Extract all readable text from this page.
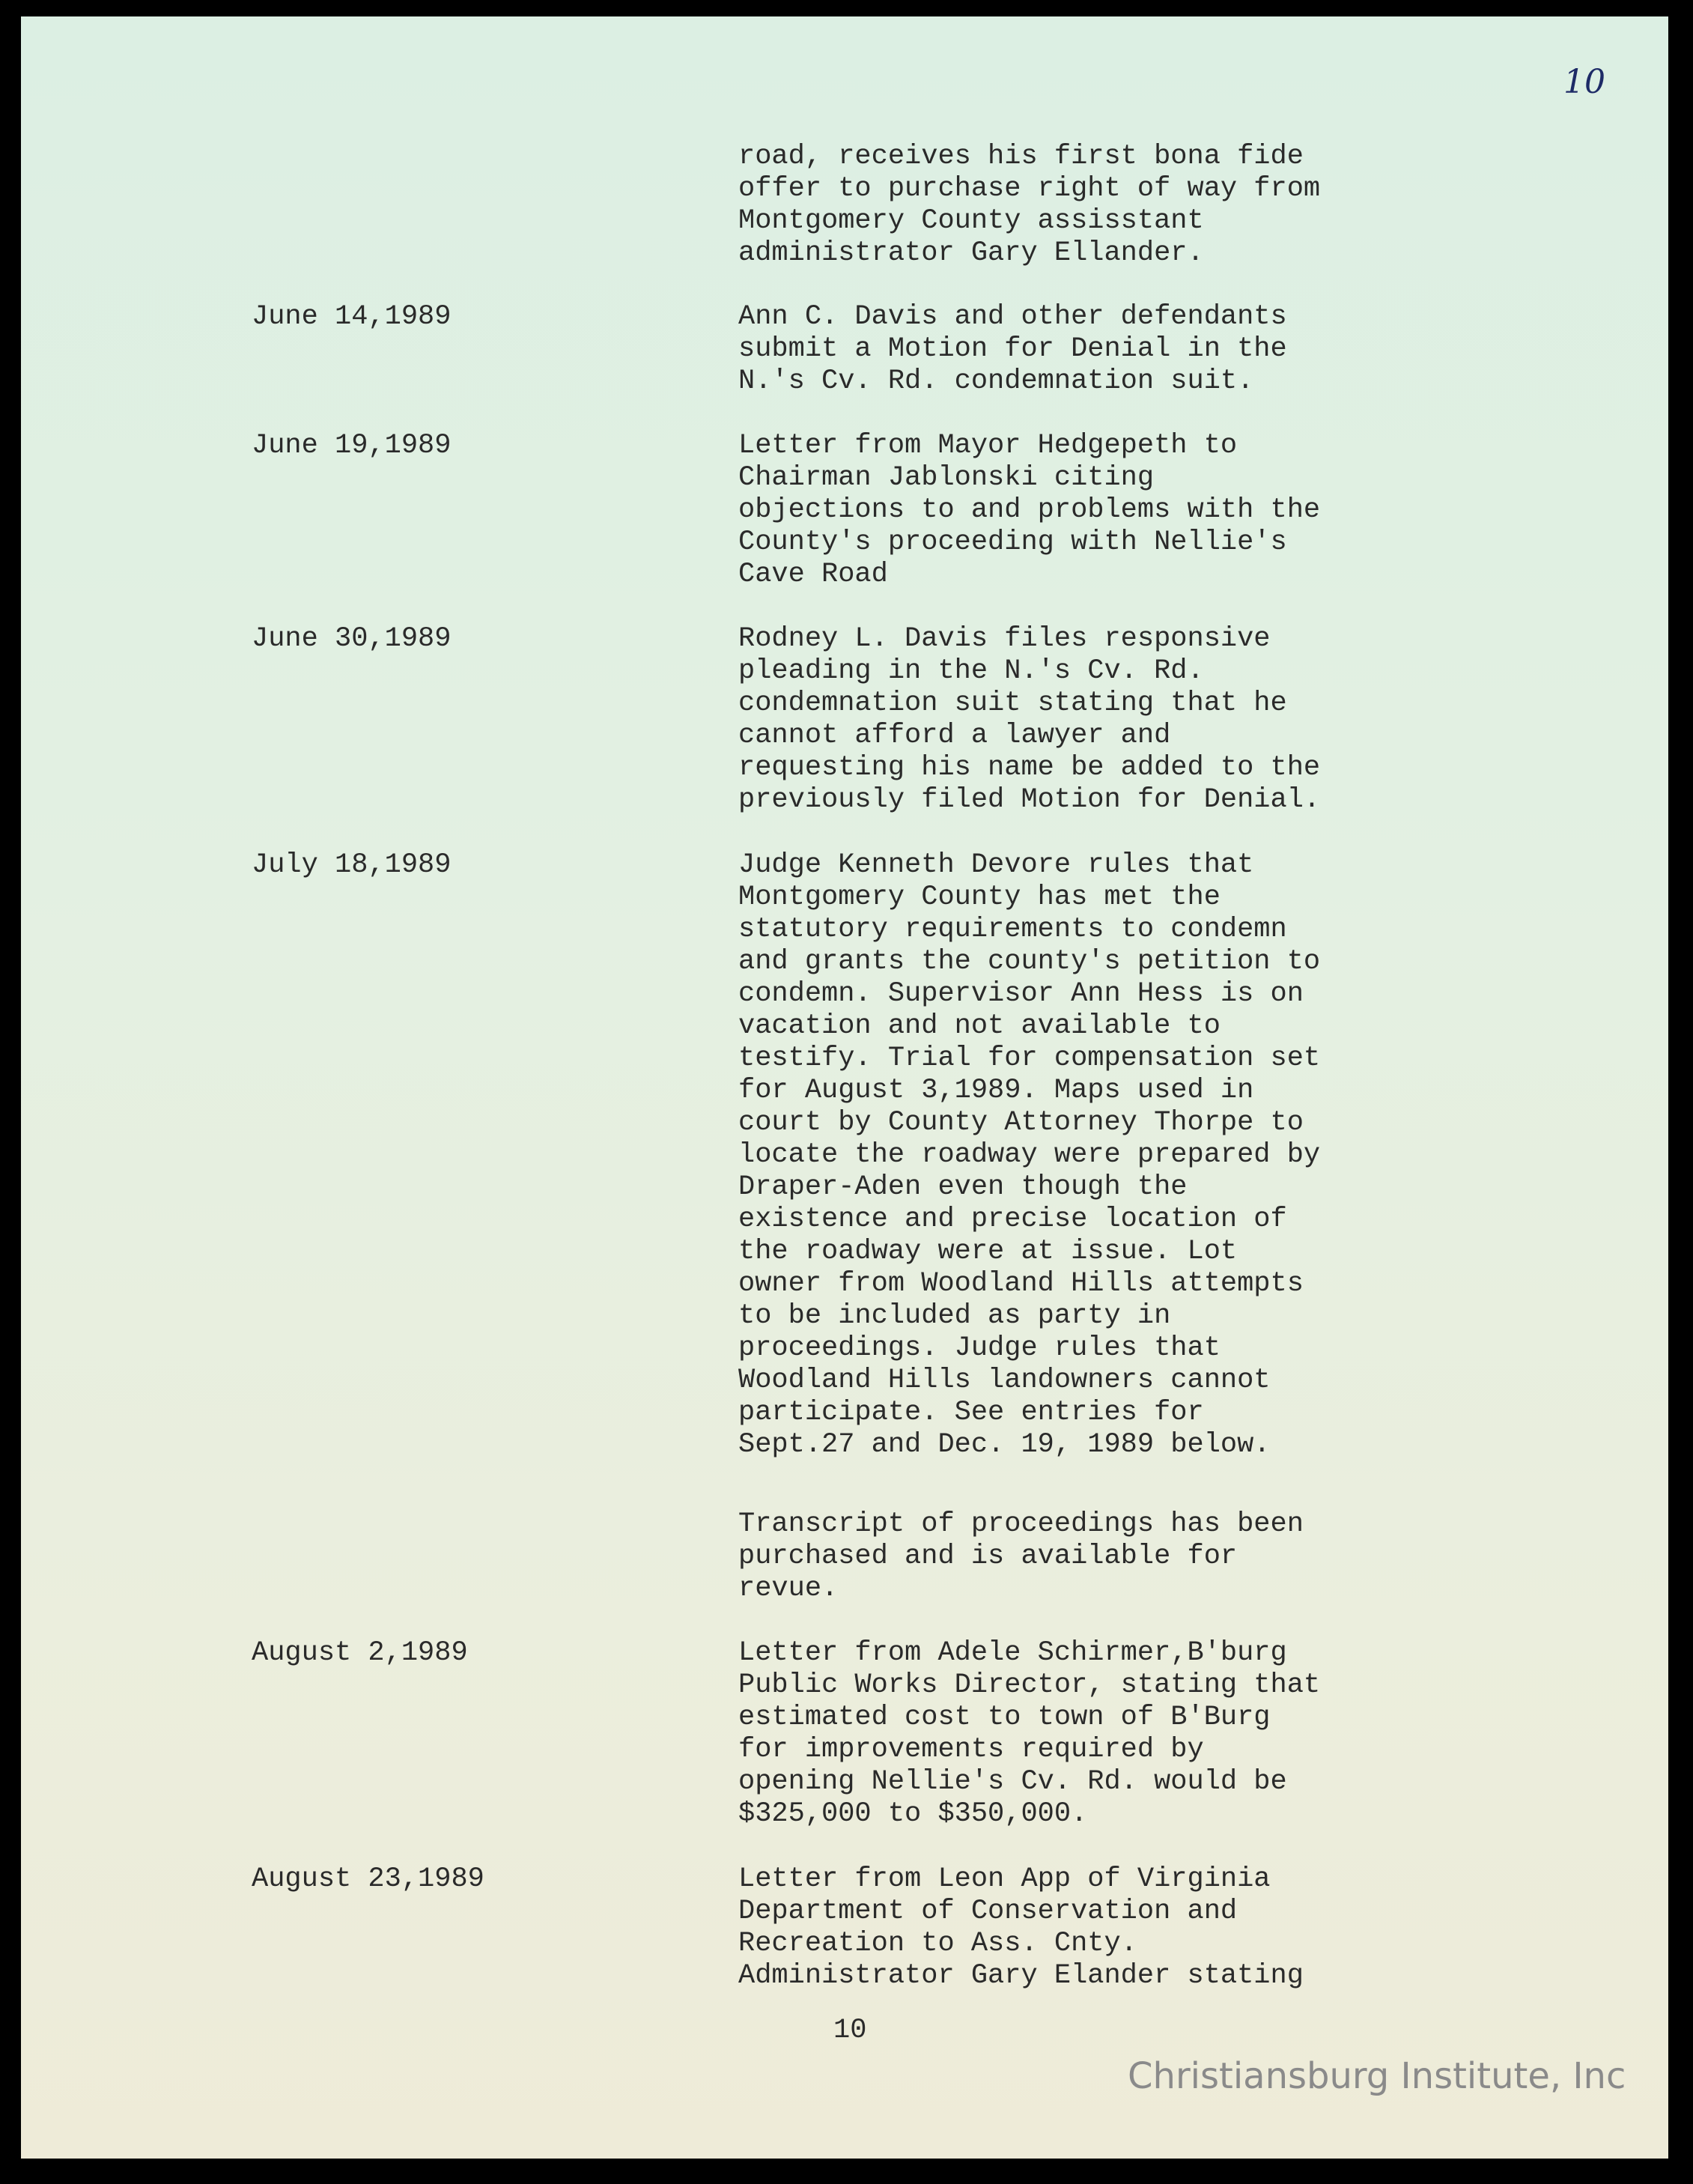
10
road, receives his first bona fide
offer to purchase right of way from
Montgomery County assisstant
administrator Gary Ellander.
June 14,1989	Ann C. Davis and other defendants
submit a Motion for Denial in the
N.'s Cv. Rd. condemnation suit.
June 19,1989	Letter from Mayor Hedgepeth to
Chairman Jablonski citing
objections to and problems with the
County's proceeding with Nellie's
Cave Road
June 30,1989	Rodney L. Davis files responsive
pleading in the N.'s Cv. Rd.
condemnation suit stating that he
cannot afford a lawyer and
requesting his name be added to the
previously filed Motion for Denial.
July 18,1989	Judge Kenneth Devore rules that
Montgomery County has met the
statutory requirements to condemn
and grants the county's petition to
condemn. Supervisor Ann Hess is on
vacation and not available to
testify. Trial for compensation set
for August 3,1989. Maps used in
court by County Attorney Thorpe to
locate the roadway were prepared by
Draper-Aden even though the
existence and precise location of
the roadway were at issue. Lot
owner from Woodland Hills attempts
to be included as party in
proceedings. Judge rules that
Woodland Hills landowners cannot
participate. See entries for
Sept.27 and Dec. 19, 1989 below.
Transcript of proceedings has been
purchased and is available for
revue.
August 2,1989	Letter from Adele Schirmer,B'burg
Public Works Director, stating that
estimated cost to town of B'Burg
for improvements required by
opening Nellie's Cv. Rd. would be
$325,000 to $350,000.
August 23,1989	Letter from Leon App of Virginia
Department of Conservation and
Recreation to Ass. Cnty.
Administrator Gary Elander stating
10
Christiansburg Institute, Inc
